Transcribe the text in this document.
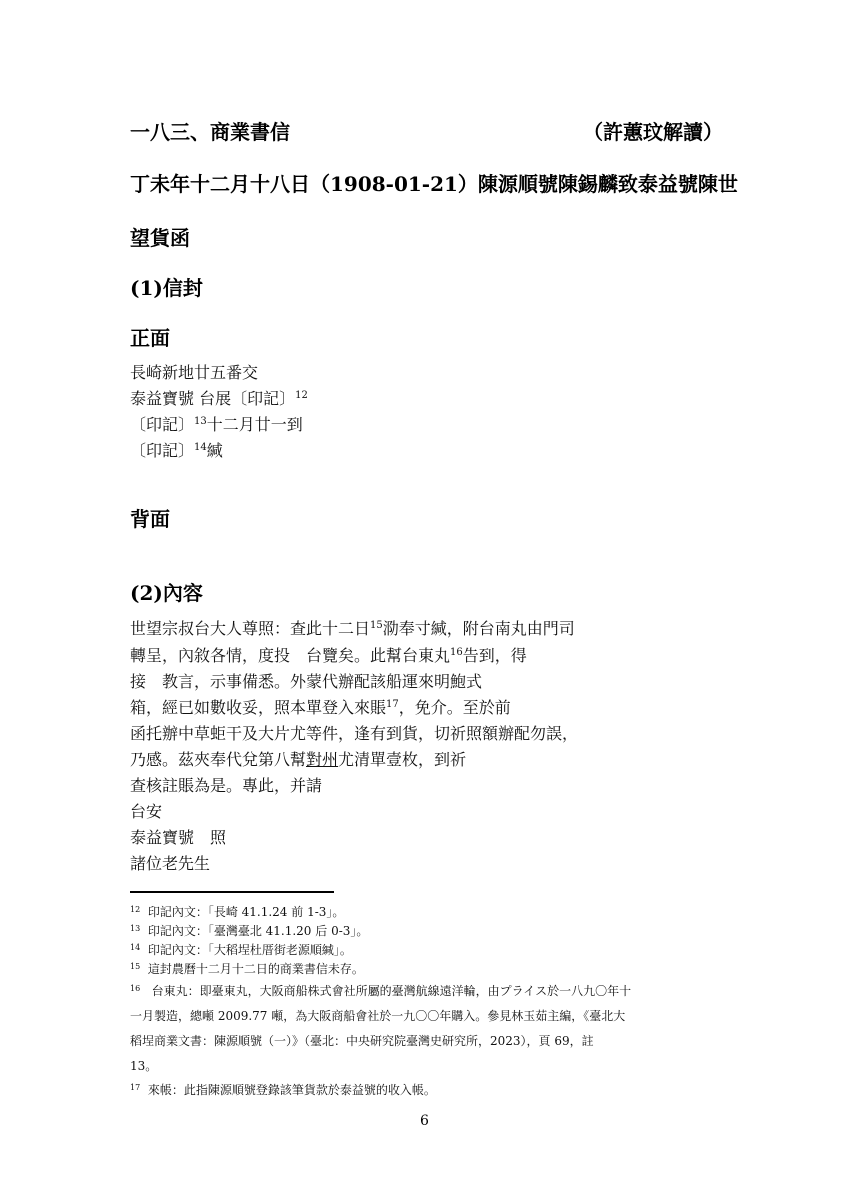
一八三、商業書信	（許蕙玟解讀）
丁未年十二月十八日（1908-01-21）陳源順號陳錫麟致泰益號陳世
望貨函
(1)信封
正面
長崎新地廿五番交
泰益寶號 台展〔印記〕$^{12}$
〔印記〕$^{13}$十二月廿一到
〔印記〕$^{14}$緘
背面
(2)內容
世望宗叔台大人尊照：查此十二日$^{15}$泐奉寸緘，附台南丸由門司
轉呈，內敘各情，度投　台覽矣。此幫台東丸$^{16}$告到，得
接　教言，示事備悉。外蒙代辦配該船運來明鮑式
箱，經已如數收妥，照本單登入來賬$^{17}$，免介。至於前
函托辦中草蚷干及大片尤等件，逢有到貨，切祈照額辦配勿誤，
乃感。茲夾奉代兌第八幫對州尤清單壹枚，到祈
查核註賬為是。專此，并請
台安
泰益寶號　照
諸位老先生
$^{12}$ 印記內文：「長崎 41.1.24 前 1-3」。
$^{13}$ 印記內文：「臺灣臺北 41.1.20 后 0-3」。
$^{14}$ 印記內文：「大稻埕杜厝街老源順緘」。
$^{15}$ 這封農曆十二月十二日的商業書信未存。
$^{16}$ 台東丸：即臺東丸，大阪商船株式會社所屬的臺灣航線遠洋輪，由プライス於一八九〇年十
一月製造，總噸 2009.77 噸，為大阪商船會社於一九〇〇年購入。參見林玉茹主編，《臺北大
稻埕商業文書：陳源順號（一）》（臺北：中央研究院臺灣史研究所，2023），頁 69，註
13。
$^{17}$ 來帳：此指陳源順號登錄該筆貨款於泰益號的收入帳。
6
